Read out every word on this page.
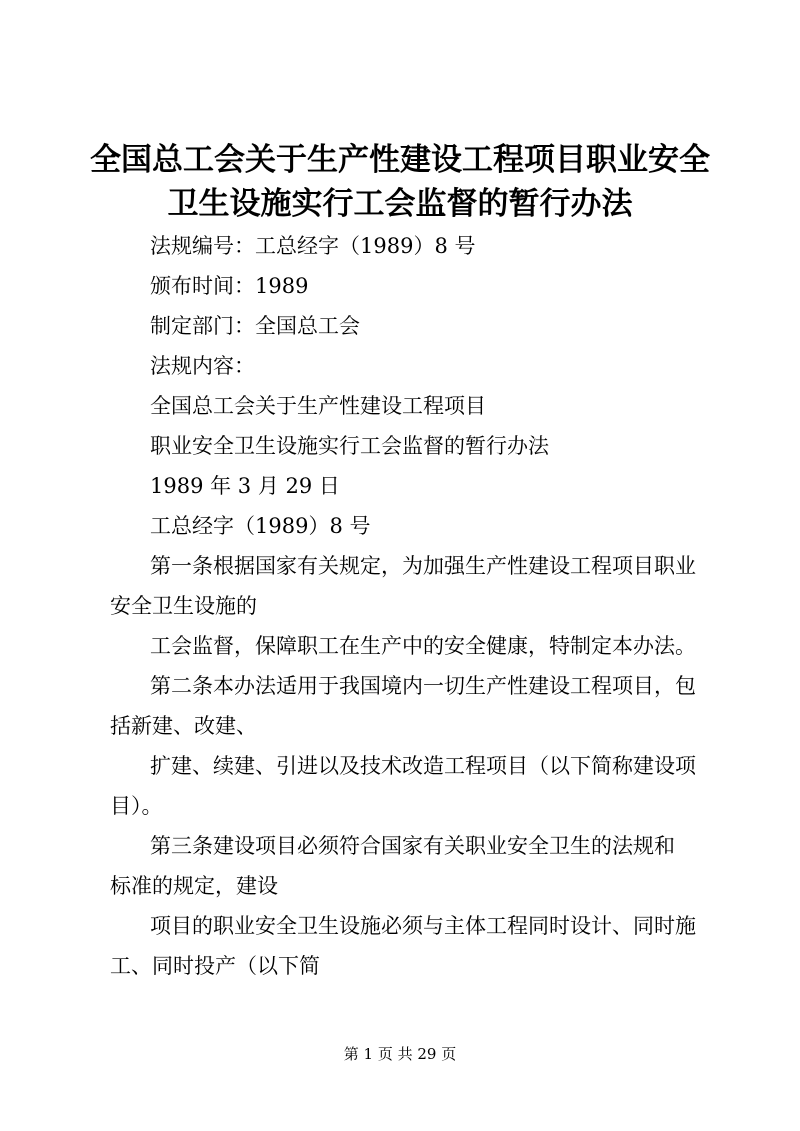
全国总工会关于生产性建设工程项目职业安全
卫生设施实行工会监督的暂行办法

法规编号：工总经字（1989）8 号

颁布时间：1989

制定部门：全国总工会

法规内容：

全国总工会关于生产性建设工程项目

职业安全卫生设施实行工会监督的暂行办法

1989 年 3 月 29 日

工总经字（1989）8 号

第一条根据国家有关规定，为加强生产性建设工程项目职业

安全卫生设施的

工会监督，保障职工在生产中的安全健康，特制定本办法。

第二条本办法适用于我国境内一切生产性建设工程项目，包

括新建、改建、

扩建、续建、引进以及技术改造工程项目（以下简称建设项

目）。

第三条建设项目必须符合国家有关职业安全卫生的法规和

标准的规定，建设

项目的职业安全卫生设施必须与主体工程同时设计、同时施

工、同时投产（以下简

第 1 页 共 29 页
